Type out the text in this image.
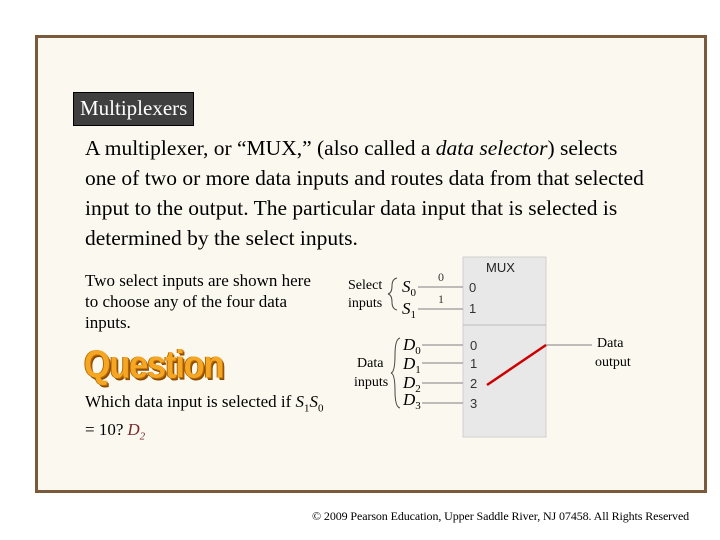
Multiplexers
A multiplexer, or “MUX,” (also called a data selector) selects one of two or more data inputs and routes data from that selected input to the output. The particular data input that is selected is determined by the select inputs.
Two select inputs are shown here to choose any of the four data inputs.
Question
Which data input is selected if $S_1S_0 = 10$? $D_2$
MUX
0
1
0
1
2
3
0
1
Select
inputs
$S_0$
$S_1$
Data
inputs
$D_0$
$D_1$
$D_2$
$D_3$
Data
output
© 2009 Pearson Education, Upper Saddle River, NJ 07458. All Rights Reserved
